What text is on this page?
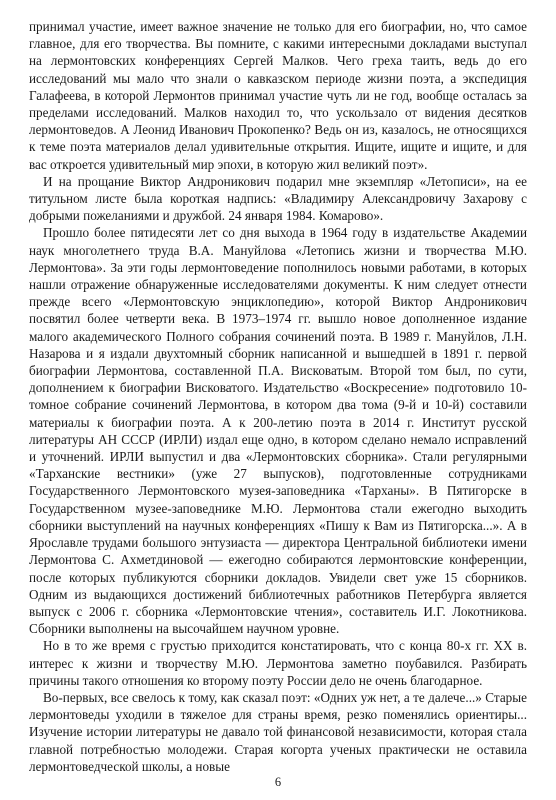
принимал участие, имеет важное значение не только для его биографии, но, что самое главное, для его творчества. Вы помните, с какими интересными докладами выступал на лермонтовских конференциях Сергей Малков. Чего греха таить, ведь до его исследований мы мало что знали о кавказском периоде жизни поэта, а экспедиция Галафеева, в которой Лермонтов принимал участие чуть ли не год, вообще осталась за пределами исследований. Малков находил то, что ускользало от видения десятков лермонтоведов. А Леонид Иванович Прокопенко? Ведь он из, казалось, не относящихся к теме поэта материалов делал удивительные открытия. Ищите, ищите и ищите, и для вас откроется удивительный мир эпохи, в которую жил великий поэт».

И на прощание Виктор Андроникович подарил мне экземпляр «Летописи», на ее титульном листе была короткая надпись: «Владимиру Александровичу Захарову с добрыми пожеланиями и дружбой. 24 января 1984. Комарово».

Прошло более пятидесяти лет со дня выхода в 1964 году в издательстве Академии наук многолетнего труда В.А. Мануйлова «Летопись жизни и творчества М.Ю. Лермонтова». За эти годы лермонтоведение пополнилось новыми работами, в которых нашли отражение обнаруженные исследователями документы. К ним следует отнести прежде всего «Лермонтовскую энциклопедию», которой Виктор Андроникович посвятил более четверти века. В 1973–1974 гг. вышло новое дополненное издание малого академического Полного собрания сочинений поэта. В 1989 г. Мануйлов, Л.Н. Назарова и я издали двухтомный сборник написанной и вышедшей в 1891 г. первой биографии Лермонтова, составленной П.А. Висковатым. Второй том был, по сути, дополнением к биографии Висковатого. Издательство «Воскресение» подготовило 10-томное собрание сочинений Лермонтова, в котором два тома (9-й и 10-й) составили материалы к биографии поэта. А к 200-летию поэта в 2014 г. Институт русской литературы АН СССР (ИРЛИ) издал еще одно, в котором сделано немало исправлений и уточнений. ИРЛИ выпустил и два «Лермонтовских сборника». Стали регулярными «Тарханские вестники» (уже 27 выпусков), подготовленные сотрудниками Государственного Лермонтовского музея-заповедника «Тарханы». В Пятигорске в Государственном музее-заповеднике М.Ю. Лермонтова стали ежегодно выходить сборники выступлений на научных конференциях «Пишу к Вам из Пятигорска...». А в Ярославле трудами большого энтузиаста — директора Центральной библиотеки имени Лермонтова С. Ахметдиновой — ежегодно собираются лермонтовские конференции, после которых публикуются сборники докладов. Увидели свет уже 15 сборников. Одним из выдающихся достижений библиотечных работников Петербурга является выпуск с 2006 г. сборника «Лермонтовские чтения», составитель И.Г. Локотникова. Сборники выполнены на высочайшем научном уровне.

Но в то же время с грустью приходится констатировать, что с конца 80-х гг. XX в. интерес к жизни и творчеству М.Ю. Лермонтова заметно поубавился. Разбирать причины такого отношения ко второму поэту России дело не очень благодарное.

Во-первых, все свелось к тому, как сказал поэт: «Одних уж нет, а те далече...» Старые лермонтоведы уходили в тяжелое для страны время, резко поменялись ориентиры... Изучение истории литературы не давало той финансовой независимости, которая стала главной потребностью молодежи. Старая когорта ученых практически не оставила лермонтоведческой школы, а новые

6
